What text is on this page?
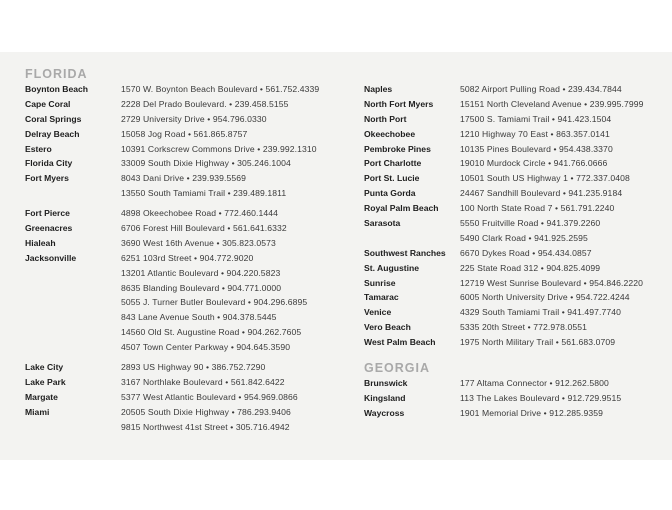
FLORIDA
Boynton Beach	1570 W. Boynton Beach Boulevard • 561.752.4339
Cape Coral	2228 Del Prado Boulevard. • 239.458.5155
Coral Springs	2729 University Drive • 954.796.0330
Delray Beach	15058 Jog Road • 561.865.8757
Estero	10391 Corkscrew Commons Drive • 239.992.1310
Florida City	33009 South Dixie Highway • 305.246.1004
Fort Myers	8043 Dani Drive • 239.939.5569
13550 South Tamiami Trail • 239.489.1811
Fort Pierce	4898 Okeechobee Road • 772.460.1444
Greenacres	6706 Forest Hill Boulevard • 561.641.6332
Hialeah	3690 West 16th Avenue • 305.823.0573
Jacksonville	6251 103rd Street • 904.772.9020
13201 Atlantic Boulevard • 904.220.5823
8635 Blanding Boulevard • 904.771.0000
5055 J. Turner Butler Boulevard • 904.296.6895
843 Lane Avenue South • 904.378.5445
14560 Old St. Augustine Road • 904.262.7605
4507 Town Center Parkway • 904.645.3590
Lake City	2893 US Highway 90 • 386.752.7290
Lake Park	3167 Northlake Boulevard • 561.842.6422
Margate	5377 West Atlantic Boulevard • 954.969.0866
Miami	20505 South Dixie Highway • 786.293.9406
9815 Northwest 41st Street • 305.716.4942
Naples	5082 Airport Pulling Road • 239.434.7844
North Fort Myers	15151 North Cleveland Avenue • 239.995.7999
North Port	17500 S. Tamiami Trail • 941.423.1504
Okeechobee	1210 Highway 70 East • 863.357.0141
Pembroke Pines	10135 Pines Boulevard • 954.438.3370
Port Charlotte	19010 Murdock Circle • 941.766.0666
Port St. Lucie	10501 South US Highway 1 • 772.337.0408
Punta Gorda	24467 Sandhill Boulevard • 941.235.9184
Royal Palm Beach 100 North State Road 7 • 561.791.2240
Sarasota	5550 Fruitville Road • 941.379.2260
5490 Clark Road • 941.925.2595
Southwest Ranches 6670 Dykes Road • 954.434.0857
St. Augustine	225 State Road 312 • 904.825.4099
Sunrise	12719 West Sunrise Boulevard • 954.846.2220
Tamarac	6005 North University Drive • 954.722.4244
Venice	4329 South Tamiami Trail • 941.497.7740
Vero Beach	5335 20th Street • 772.978.0551
West Palm Beach	1975 North Military Trail • 561.683.0709
GEORGIA
Brunswick	177 Altama Connector • 912.262.5800
Kingsland	113 The Lakes Boulevard • 912.729.9515
Waycross	1901 Memorial Drive • 912.285.9359
